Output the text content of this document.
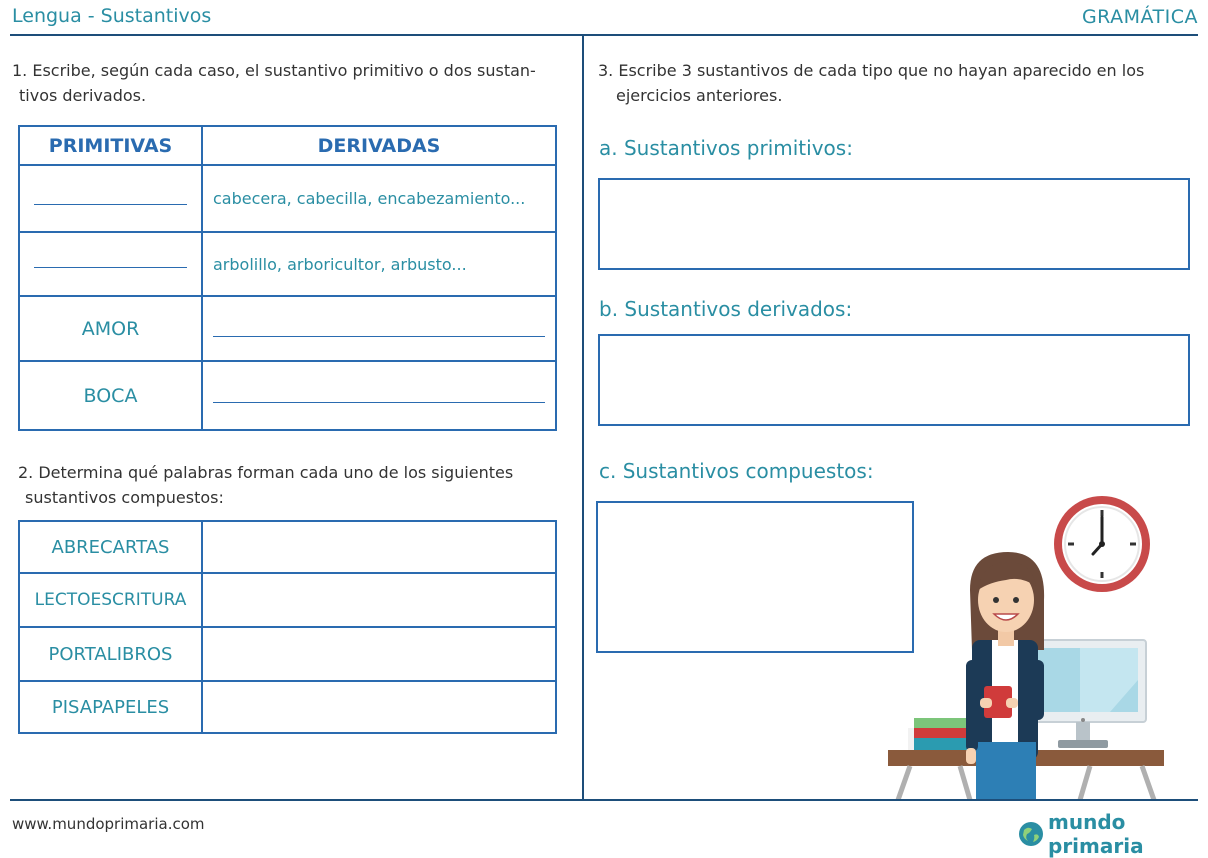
Lengua - Sustantivos	GRAMÁTICA
1. Escribe, según cada caso, el sustantivo primitivo o dos sustan-
tivos derivados.
PRIMITIVAS	DERIVADAS

	cabecera, cabecilla, encabezamiento...

	arbolillo, arboricultor, arbusto...
AMOR	

BOCA	
2. Determina qué palabras forman cada uno de los siguientes
sustantivos compuestos:
ABRECARTAS	
LECTOESCRITURA	
PORTALIBROS	
PISAPAPELES	
3. Escribe 3 sustantivos de cada tipo que no hayan aparecido en los
ejercicios anteriores.
a. Sustantivos primitivos:
b. Sustantivos derivados:
c. Sustantivos compuestos:
www.mundoprimaria.com	mundo primaria
